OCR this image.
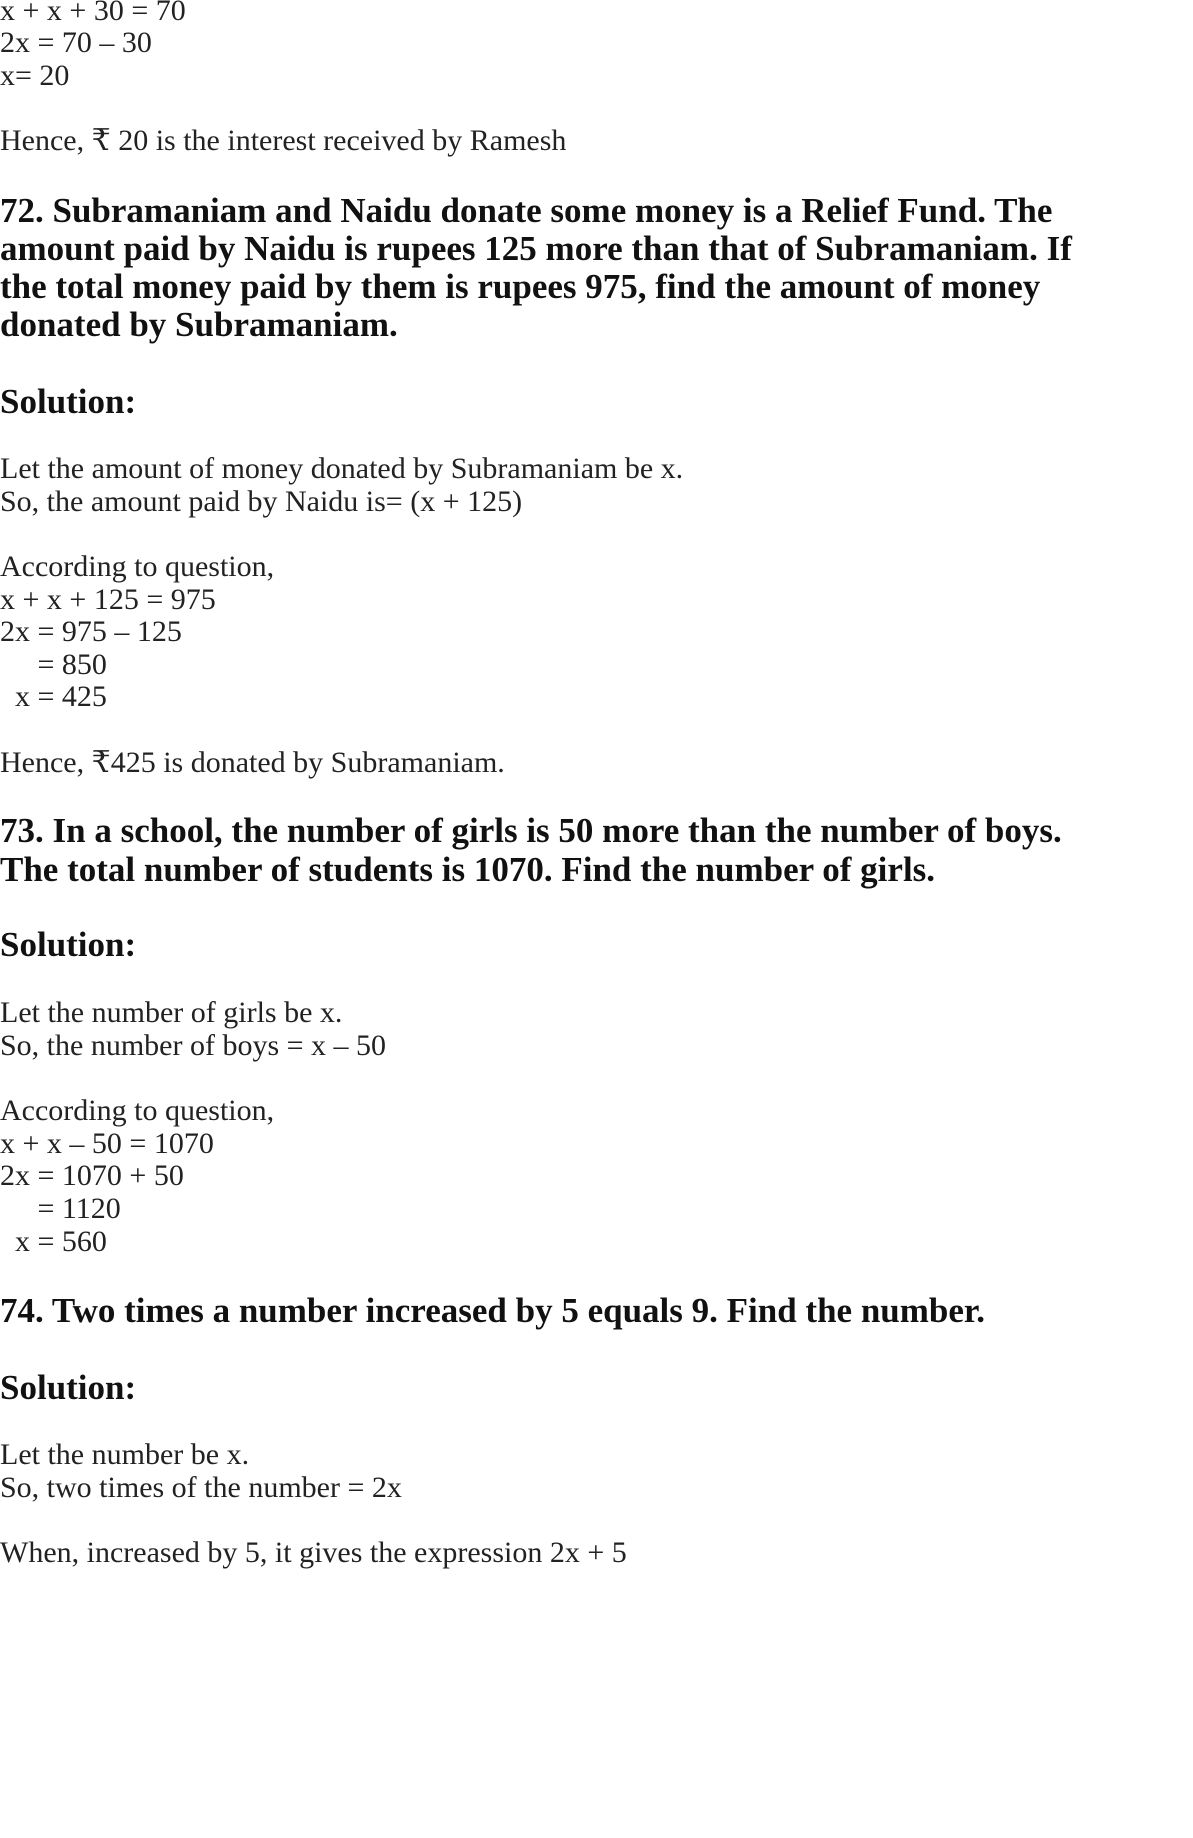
x + x + 30 = 70
2x = 70 – 30
x= 20
Hence, ₹ 20 is the interest received by Ramesh
72. Subramaniam and Naidu donate some money is a Relief Fund. The
amount paid by Naidu is rupees 125 more than that of Subramaniam. If
the total money paid by them is rupees 975, find the amount of money
donated by Subramaniam.
Solution:
Let the amount of money donated by Subramaniam be x.
So, the amount paid by Naidu is= (x + 125)
According to question,
x + x + 125 = 975
2x = 975 – 125
= 850
x = 425
Hence, ₹425 is donated by Subramaniam.
73. In a school, the number of girls is 50 more than the number of boys.
The total number of students is 1070. Find the number of girls.
Solution:
Let the number of girls be x.
So, the number of boys = x – 50
According to question,
x + x – 50 = 1070
2x = 1070 + 50
= 1120
x = 560
74. Two times a number increased by 5 equals 9. Find the number.
Solution:
Let the number be x.
So, two times of the number = 2x
When, increased by 5, it gives the expression 2x + 5
